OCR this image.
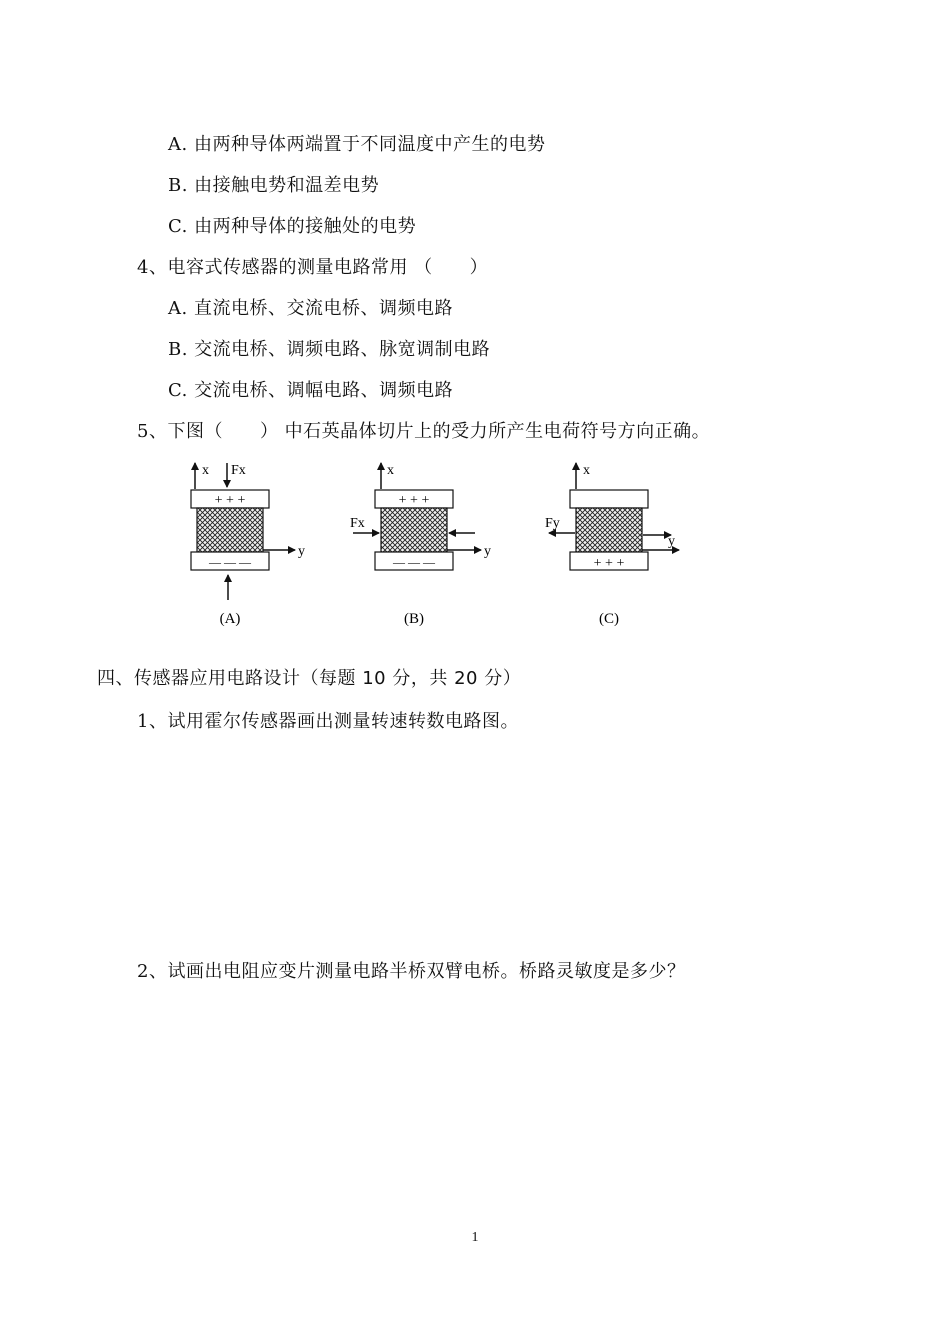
A. 由两种导体两端置于不同温度中产生的电势
B. 由接触电势和温差电势
C. 由两种导体的接触处的电势
4、电容式传感器的测量电路常用 （　　）
A. 直流电桥、交流电桥、调频电路
B. 交流电桥、调频电路、脉宽调制电路
C. 交流电桥、调幅电路、调频电路
5、下图（　　） 中石英晶体切片上的受力所产生电荷符号方向正确。
x Fx
+ + +
— — —
y
(A)
x
+ + +
— — —
Fx
y
(B)
x
+ + +
Fy
y
(C)
四、传感器应用电路设计（每题 10 分，共 20 分）
1、试用霍尔传感器画出测量转速转数电路图。
2、试画出电阻应变片测量电路半桥双臂电桥。桥路灵敏度是多少？
1
